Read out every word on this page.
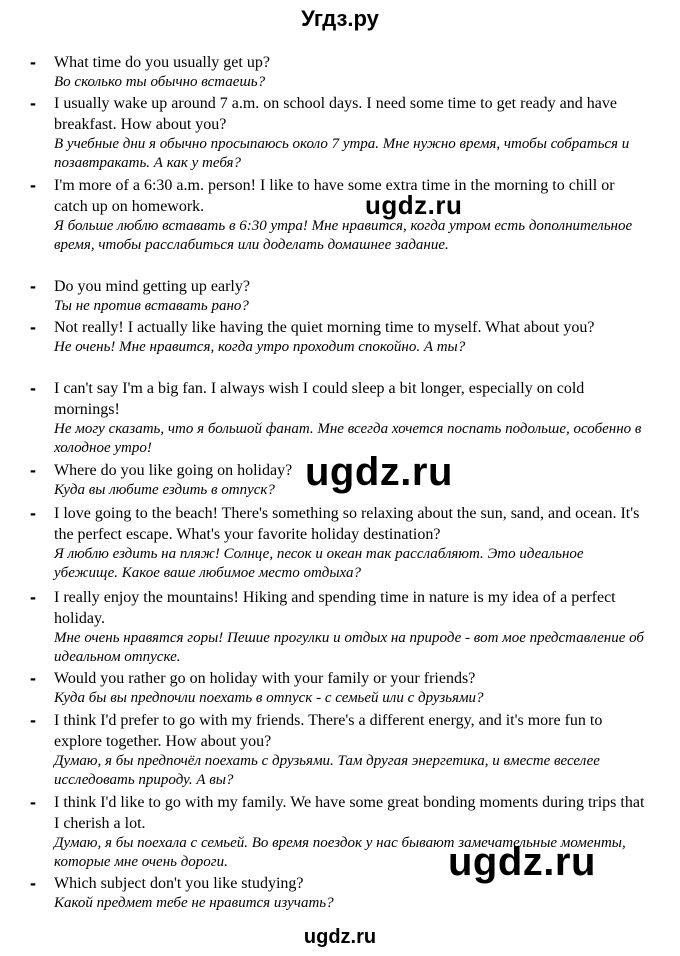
Угдз.ру
- What time do you usually get up?
Во сколько ты обычно встаешь?
- I usually wake up around 7 a.m. on school days. I need some time to get ready and have breakfast. How about you?
В учебные дни я обычно просыпаюсь около 7 утра. Мне нужно время, чтобы собраться и позавтракать. А как у тебя?
- I'm more of a 6:30 a.m. person! I like to have some extra time in the morning to chill or catch up on homework.
Я больше люблю вставать в 6:30 утра! Мне нравится, когда утром есть дополнительное время, чтобы расслабиться или доделать домашнее задание.
- Do you mind getting up early?
Ты не против вставать рано?
- Not really! I actually like having the quiet morning time to myself. What about you?
Не очень! Мне нравится, когда утро проходит спокойно. А ты?
- I can't say I'm a big fan. I always wish I could sleep a bit longer, especially on cold mornings!
Не могу сказать, что я большой фанат. Мне всегда хочется поспать подольше, особенно в холодное утро!
- Where do you like going on holiday?
Куда вы любите ездить в отпуск?
- I love going to the beach! There's something so relaxing about the sun, sand, and ocean. It's the perfect escape. What's your favorite holiday destination?
Я люблю ездить на пляж! Солнце, песок и океан так расслабляют. Это идеальное убежище. Какое ваше любимое место отдыха?
- I really enjoy the mountains! Hiking and spending time in nature is my idea of a perfect holiday.
Мне очень нравятся горы! Пешие прогулки и отдых на природе - вот мое представление об идеальном отпуске.
- Would you rather go on holiday with your family or your friends?
Куда бы вы предпочли поехать в отпуск - с семьей или с друзьями?
- I think I'd prefer to go with my friends. There's a different energy, and it's more fun to explore together. How about you?
Думаю, я бы предпочёл поехать с друзьями. Там другая энергетика, и вместе веселее исследовать природу. А вы?
- I think I'd like to go with my family. We have some great bonding moments during trips that I cherish a lot.
Думаю, я бы поехала с семьей. Во время поездок у нас бывают замечательные моменты, которые мне очень дороги.
- Which subject don't you like studying?
Какой предмет тебе не нравится изучать?
ugdz.ru
ugdz.ru
ugdz.ru
ugdz.ru
